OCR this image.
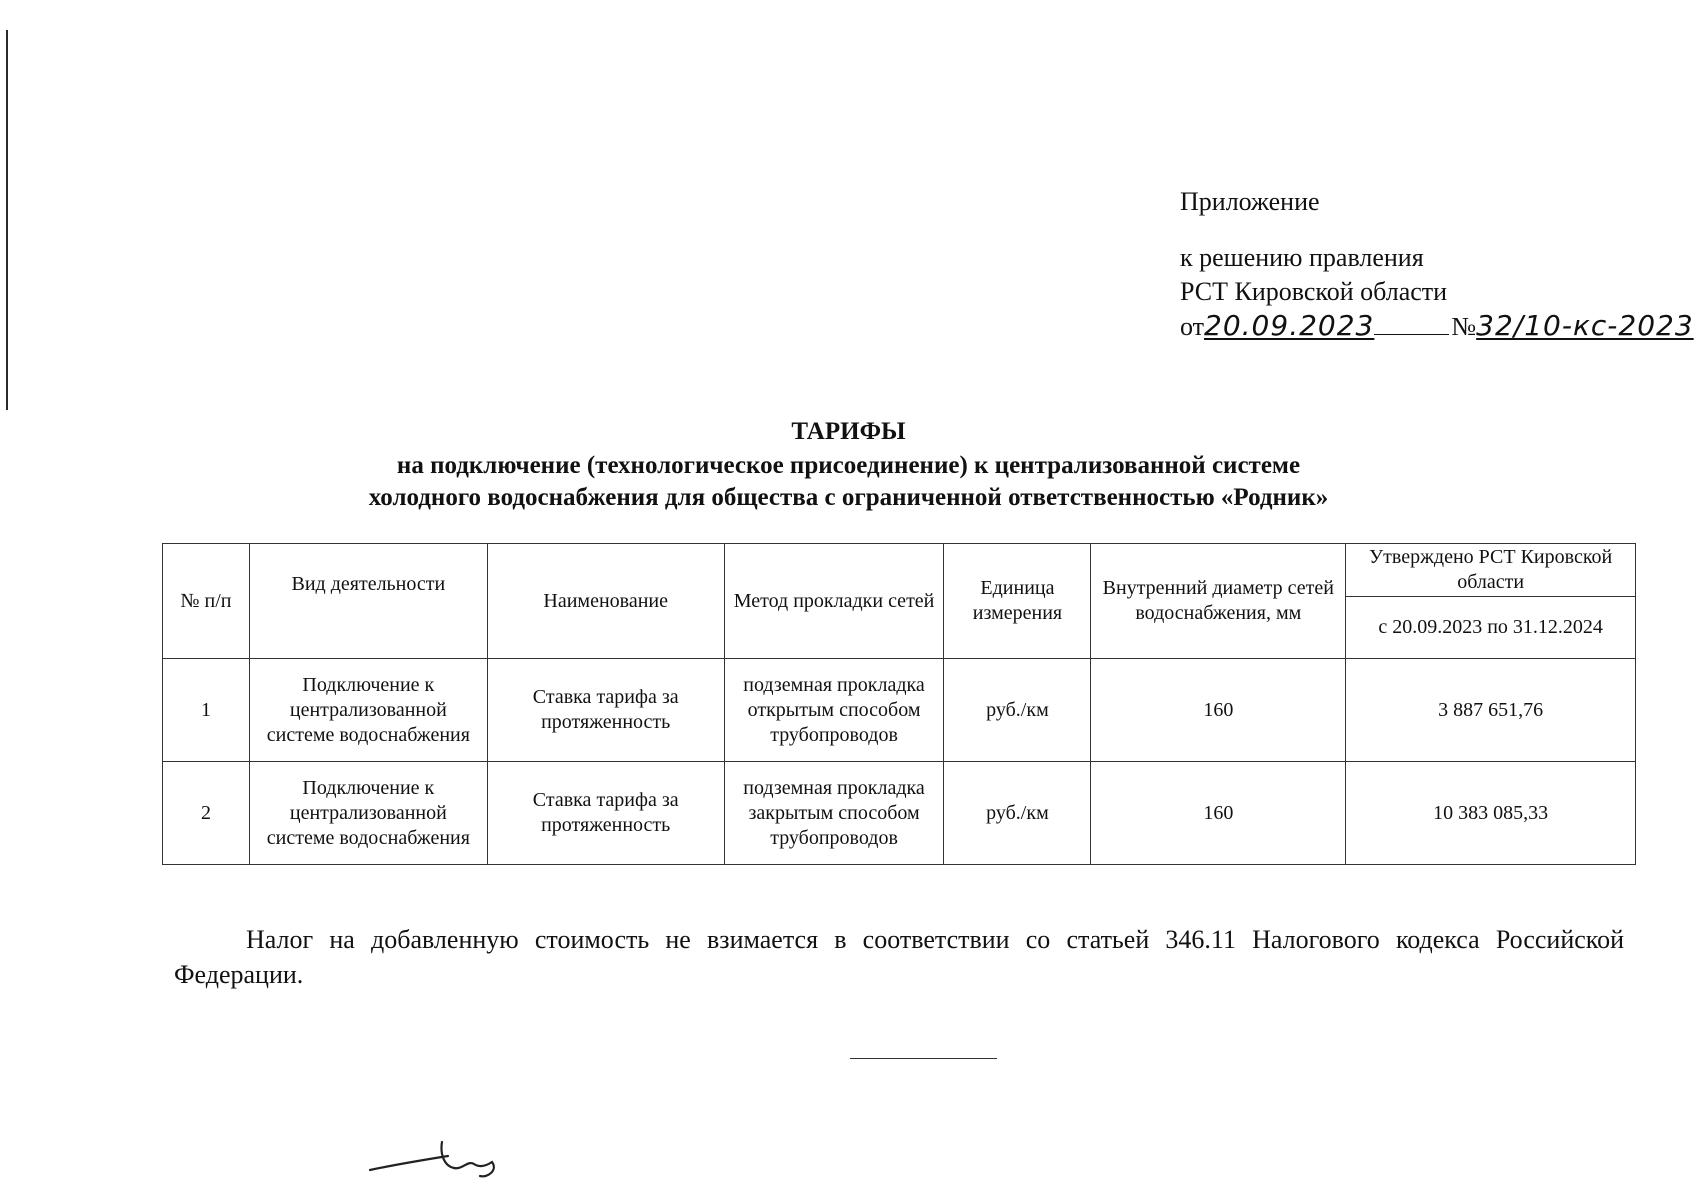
Приложение
к решению правления
РСТ Кировской области
от20.09.2023	№32/10-кс-2023
ТАРИФЫ
на подключение (технологическое присоединение) к централизованной системе
холодного водоснабжения для общества с ограниченной ответственностью «Родник»
№ п/п	Вид деятельности	Наименование	Метод прокладки сетей	Единица измерения	Внутренний диаметр сетей водоснабжения, мм	Утверждено РСТ Кировской области
						с 20.09.2023 по 31.12.2024
1	Подключение к централизованной системе водоснабжения	Ставка тарифа за протяженность	подземная прокладка открытым способом трубопроводов	руб./км	160	3 887 651,76
2	Подключение к централизованной системе водоснабжения	Ставка тарифа за протяженность	подземная прокладка закрытым способом трубопроводов	руб./км	160	10 383 085,33

Налог на добавленную стоимость не взимается в соответствии со статьей 346.11 Налогового кодекса Российской Федерации.
